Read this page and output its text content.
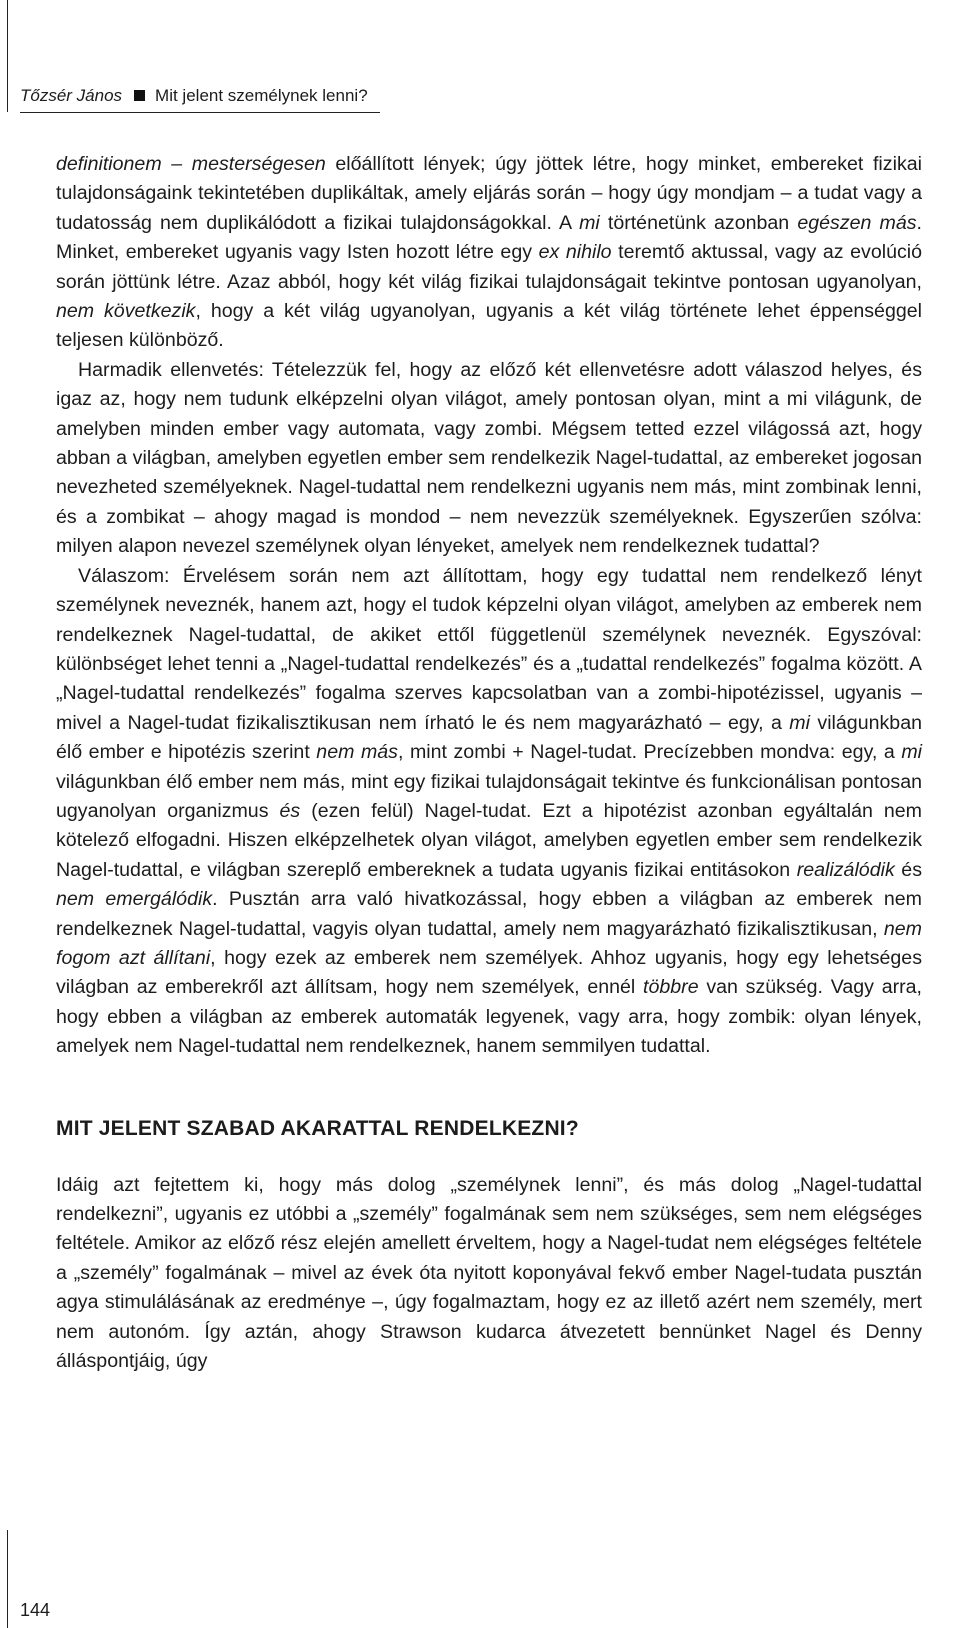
Tőzsér János Mit jelent személynek lenni?

definitionem – mesterségesen előállított lények; úgy jöttek létre, hogy minket, embereket fizikai tulajdonságaink tekintetében duplikáltak, amely eljárás során – hogy úgy mondjam – a tudat vagy a tudatosság nem duplikálódott a fizikai tulajdonságokkal. A mi történetünk azonban egészen más. Minket, embereket ugyanis vagy Isten hozott létre egy ex nihilo teremtő aktussal, vagy az evolúció során jöttünk létre. Azaz abból, hogy két világ fizikai tulajdonságait tekintve pontosan ugyanolyan, nem következik, hogy a két világ ugyanolyan, ugyanis a két világ története lehet éppenséggel teljesen különböző.

Harmadik ellenvetés: Tételezzük fel, hogy az előző két ellenvetésre adott válaszod helyes, és igaz az, hogy nem tudunk elképzelni olyan világot, amely pontosan olyan, mint a mi világunk, de amelyben minden ember vagy automata, vagy zombi. Mégsem tetted ezzel világossá azt, hogy abban a világban, amelyben egyetlen ember sem rendelkezik Nagel-tudattal, az embereket jogosan nevezheted személyeknek. Nagel-tudattal nem rendelkezni ugyanis nem más, mint zombinak lenni, és a zombikat – ahogy magad is mondod – nem nevezzük személyeknek. Egyszerűen szólva: milyen alapon nevezel személynek olyan lényeket, amelyek nem rendelkeznek tudattal?

Válaszom: Érvelésem során nem azt állítottam, hogy egy tudattal nem rendelkező lényt személynek neveznék, hanem azt, hogy el tudok képzelni olyan világot, amelyben az emberek nem rendelkeznek Nagel-tudattal, de akiket ettől függetlenül személynek neveznék. Egyszóval: különbséget lehet tenni a „Nagel-tudattal rendelkezés” és a „tudattal rendelkezés” fogalma között. A „Nagel-tudattal rendelkezés” fogalma szerves kapcsolatban van a zombi-hipotézissel, ugyanis – mivel a Nagel-tudat fizikalisztikusan nem írható le és nem magyarázható – egy, a mi világunkban élő ember e hipotézis szerint nem más, mint zombi + Nagel-tudat. Precízebben mondva: egy, a mi világunkban élő ember nem más, mint egy fizikai tulajdonságait tekintve és funkcionálisan pontosan ugyanolyan organizmus és (ezen felül) Nagel-tudat. Ezt a hipotézist azonban egyáltalán nem kötelező elfogadni. Hiszen elképzelhetek olyan világot, amelyben egyetlen ember sem rendelkezik Nagel-tudattal, e világban szereplő embereknek a tudata ugyanis fizikai entitásokon realizálódik és nem emergálódik. Pusztán arra való hivatkozással, hogy ebben a világban az emberek nem rendelkeznek Nagel-tudattal, vagyis olyan tudattal, amely nem magyarázható fizikalisztikusan, nem fogom azt állítani, hogy ezek az emberek nem személyek. Ahhoz ugyanis, hogy egy lehetséges világban az emberekről azt állítsam, hogy nem személyek, ennél többre van szükség. Vagy arra, hogy ebben a világban az emberek automaták legyenek, vagy arra, hogy zombik: olyan lények, amelyek nem Nagel-tudattal nem rendelkeznek, hanem semmilyen tudattal.

MIT JELENT SZABAD AKARATTAL RENDELKEZNI?

Idáig azt fejtettem ki, hogy más dolog „személynek lenni”, és más dolog „Nagel-tudattal rendelkezni”, ugyanis ez utóbbi a „személy” fogalmának sem nem szükséges, sem nem elégséges feltétele. Amikor az előző rész elején amellett érveltem, hogy a Nagel-tudat nem elégséges feltétele a „személy” fogalmának – mivel az évek óta nyitott koponyával fekvő ember Nagel-tudata pusztán agya stimulálásának az eredménye –, úgy fogalmaztam, hogy ez az illető azért nem személy, mert nem autonóm. Így aztán, ahogy Strawson kudarca átvezetett bennünket Nagel és Denny álláspontjáig, úgy

144
